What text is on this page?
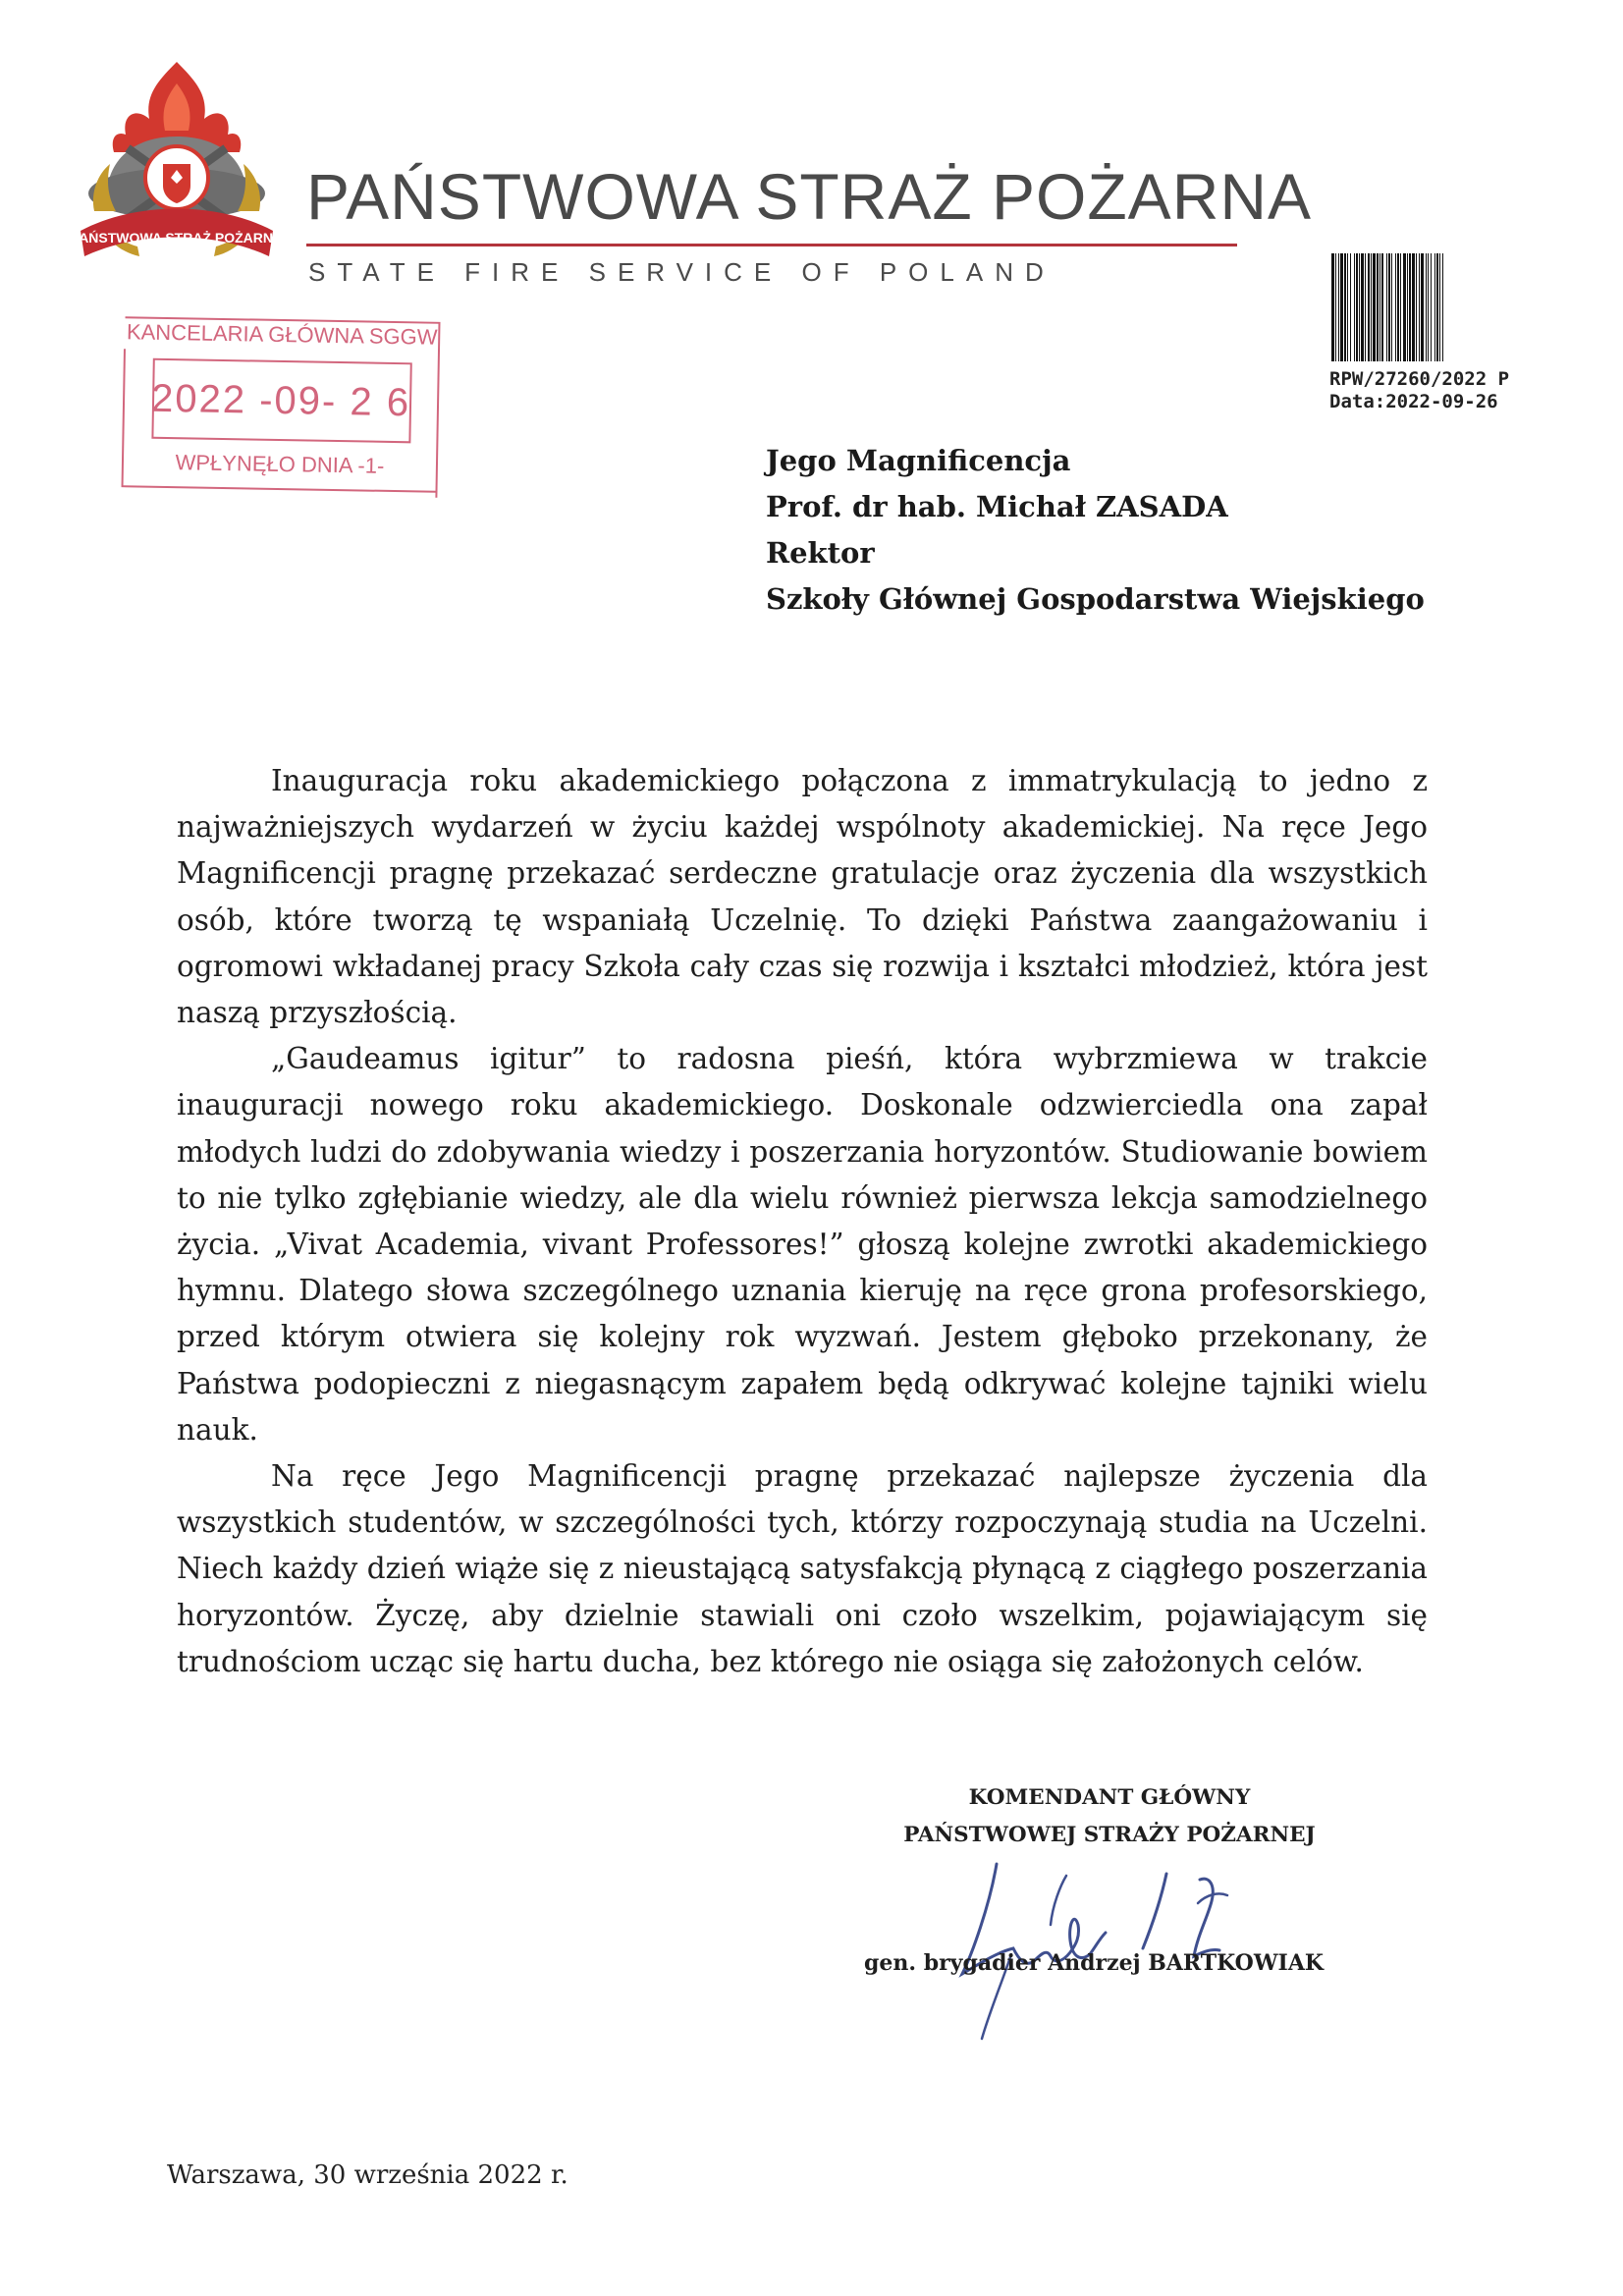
PAŃSTWOWA STRAŻ POŻARNA
PAŃSTWOWA STRAŻ POŻARNA
STATE FIRE SERVICE OF POLAND
KANCELARIA GŁÓWNA SGGW
2022 -09- 2 6
WPŁYNĘŁO DNIA -1-
RPW/27260/2022 P
Data:2022-09-26
Jego Magnificencja
Prof. dr hab. Michał ZASADA
Rektor
Szkoły Głównej Gospodarstwa Wiejskiego

Inauguracja roku akademickiego połączona z immatrykulacją to jedno z najważniejszych wydarzeń w życiu każdej wspólnoty akademickiej. Na ręce Jego Magnificencji pragnę przekazać serdeczne gratulacje oraz życzenia dla wszystkich osób, które tworzą tę wspaniałą Uczelnię. To dzięki Państwa zaangażowaniu i ogromowi wkładanej pracy Szkoła cały czas się rozwija i kształci młodzież, która jest naszą przyszłością.

„Gaudeamus igitur” to radosna pieśń, która wybrzmiewa w trakcie inauguracji nowego roku akademickiego. Doskonale odzwierciedla ona zapał młodych ludzi do zdobywania wiedzy i poszerzania horyzontów. Studiowanie bowiem to nie tylko zgłębianie wiedzy, ale dla wielu również pierwsza lekcja samodzielnego życia. „Vivat Academia, vivant Professores!” głoszą kolejne zwrotki akademickiego hymnu. Dlatego słowa szczególnego uznania kieruję na ręce grona profesorskiego, przed którym otwiera się kolejny rok wyzwań. Jestem głęboko przekonany, że Państwa podopieczni z niegasnącym zapałem będą odkrywać kolejne tajniki wielu nauk.

Na ręce Jego Magnificencji pragnę przekazać najlepsze życzenia dla wszystkich studentów, w szczególności tych, którzy rozpoczynają studia na Uczelni. Niech każdy dzień wiąże się z nieustającą satysfakcją płynącą z ciągłego poszerzania horyzontów. Życzę, aby dzielnie stawiali oni czoło wszelkim, pojawiającym się trudnościom ucząc się hartu ducha, bez którego nie osiąga się założonych celów.

KOMENDANT GŁÓWNY
PAŃSTWOWEJ STRAŻY POŻARNEJ
gen. brygadier Andrzej BARTKOWIAK
Warszawa, 30 września 2022 r.
